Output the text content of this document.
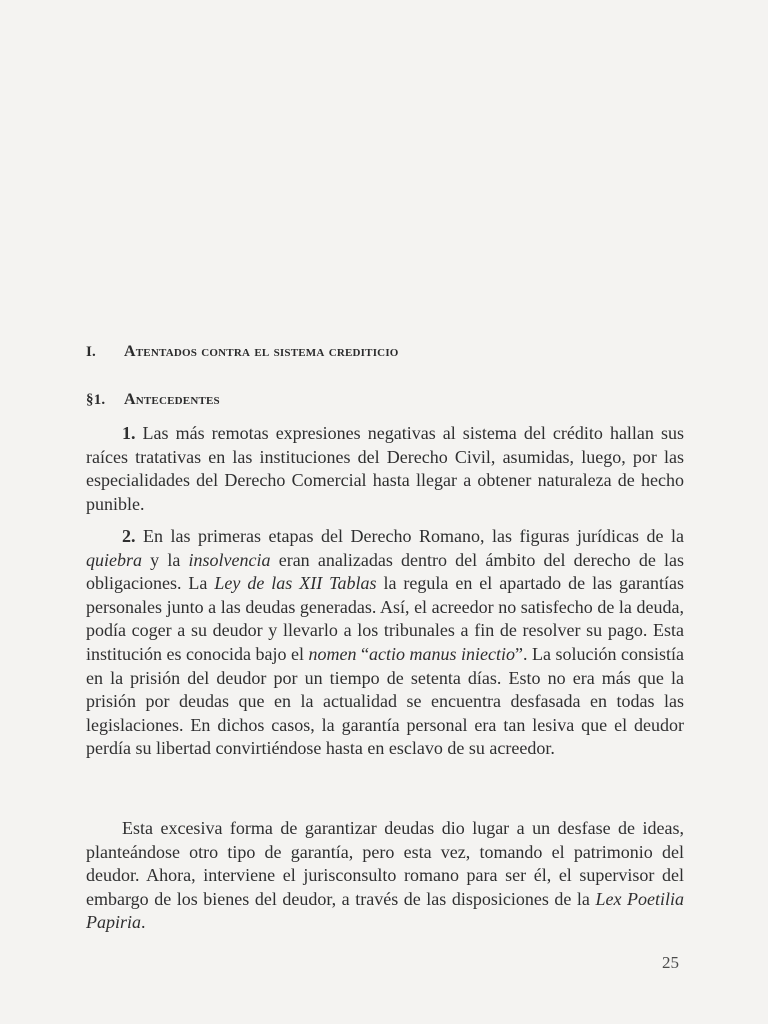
I. Atentados contra el sistema crediticio
§1. Antecedentes

1. Las más remotas expresiones negativas al sistema del crédito hallan sus raíces tratativas en las instituciones del Derecho Civil, asumidas, luego, por las especialidades del Derecho Comercial hasta llegar a obtener naturaleza de hecho punible.

2. En las primeras etapas del Derecho Romano, las figuras jurídicas de la quiebra y la insolvencia eran analizadas dentro del ámbito del derecho de las obligaciones. La Ley de las XII Tablas la regula en el apartado de las garantías personales junto a las deudas generadas. Así, el acreedor no satisfecho de la deuda, podía coger a su deudor y llevarlo a los tribunales a fin de resolver su pago. Esta institución es conocida bajo el nomen “actio manus iniectio”. La solución consistía en la prisión del deudor por un tiempo de setenta días. Esto no era más que la prisión por deudas que en la actualidad se encuentra desfasada en todas las legislaciones. En dichos casos, la garantía personal era tan lesiva que el deudor perdía su libertad convirtiéndose hasta en esclavo de su acreedor.

Esta excesiva forma de garantizar deudas dio lugar a un desfase de ideas, planteándose otro tipo de garantía, pero esta vez, tomando el patrimonio del deudor. Ahora, interviene el jurisconsulto romano para ser él, el supervisor del embargo de los bienes del deudor, a través de las disposiciones de la Lex Poetilia Papiria.

25
